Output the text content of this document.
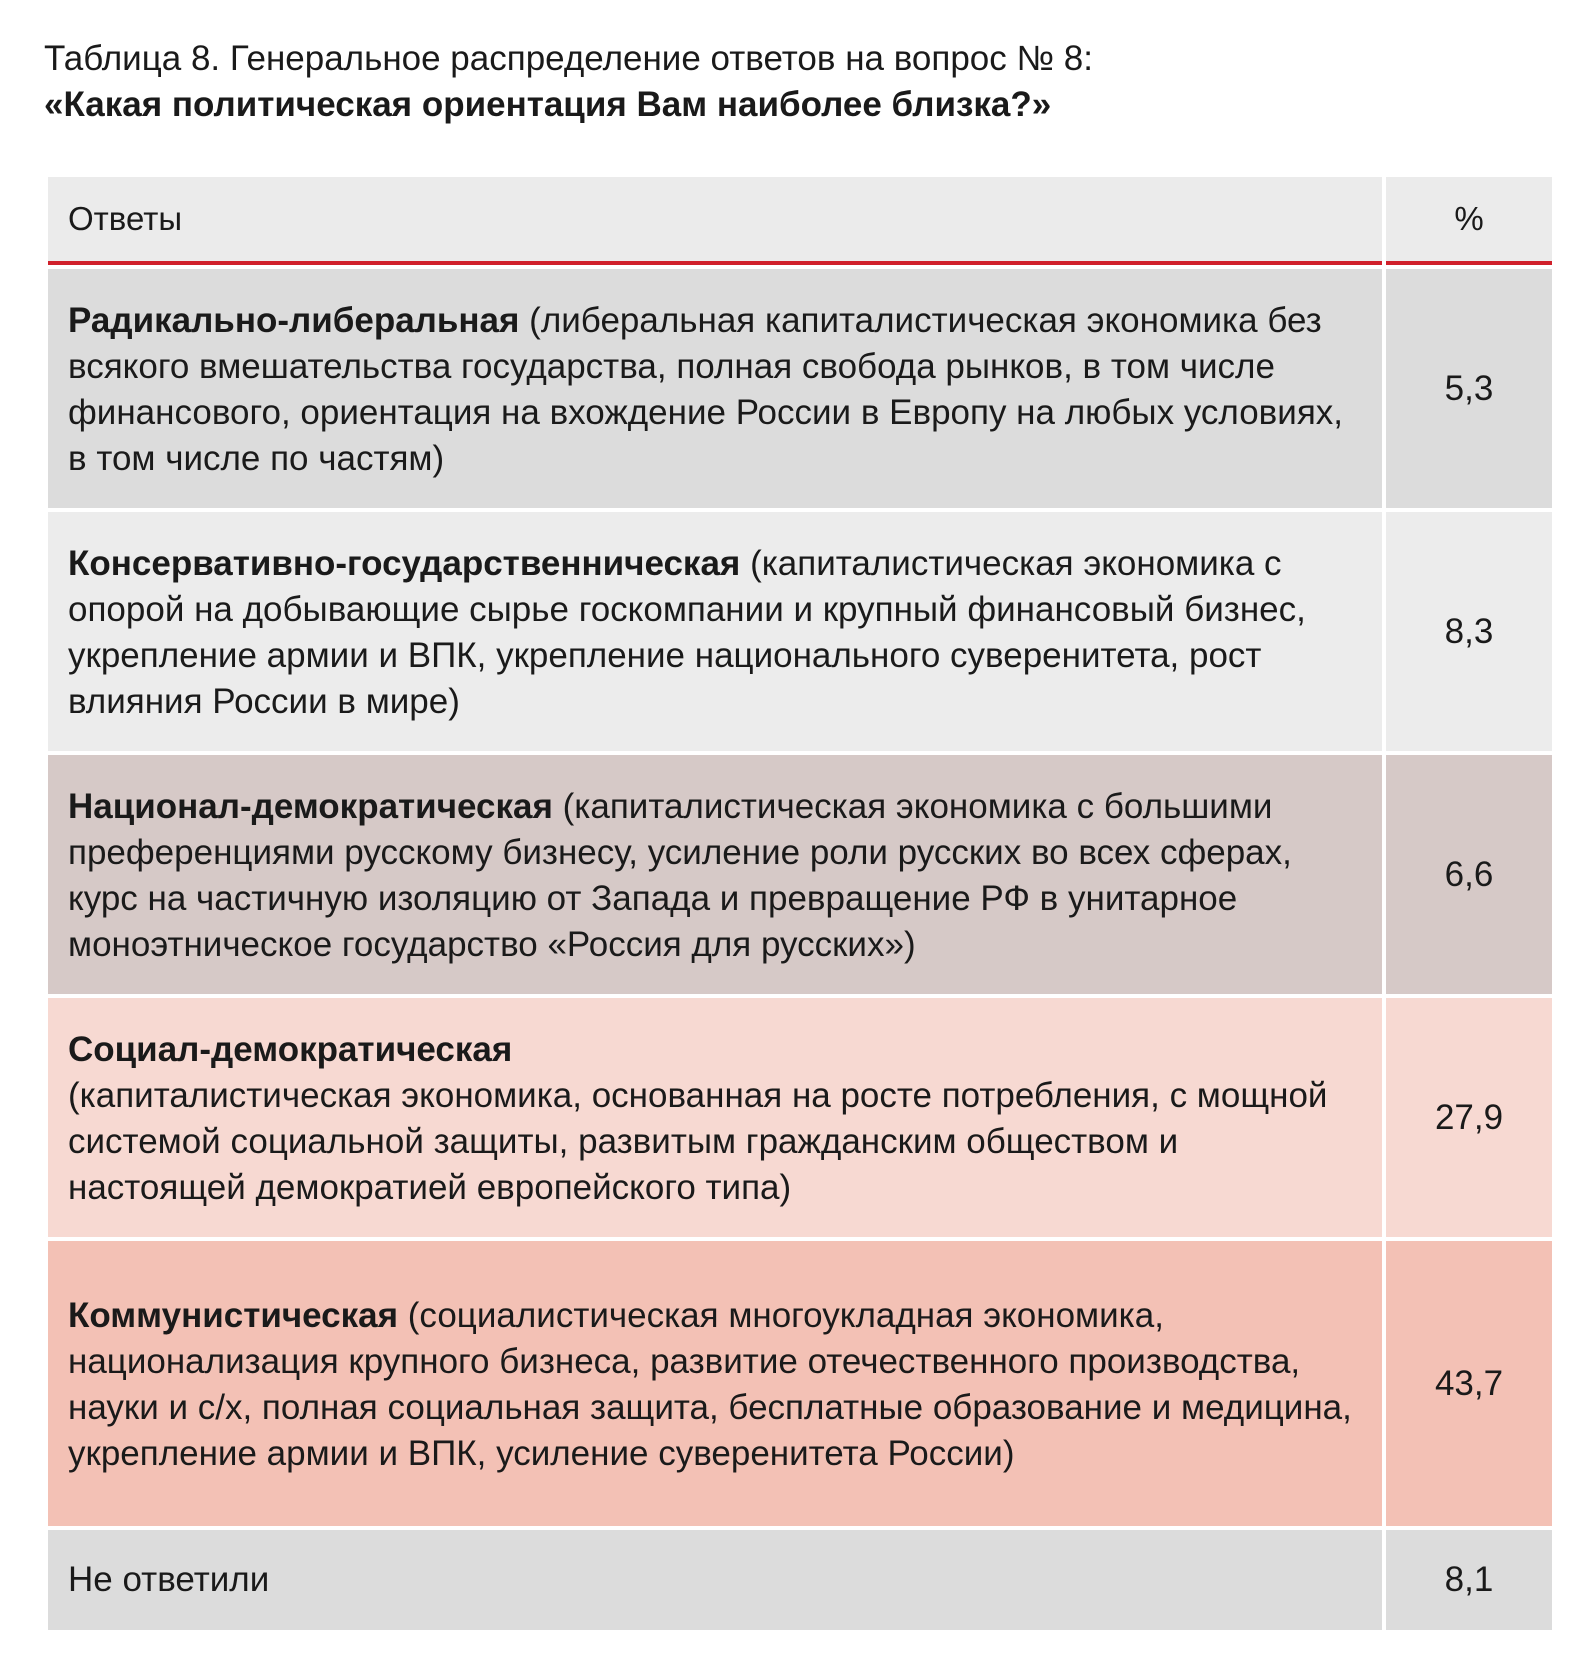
Таблица 8. Генеральное распределение ответов на вопрос № 8:
«Какая политическая ориентация Вам наиболее близка?»
Ответы	%
Радикально-либеральная (либеральная капиталистическая экономика без всякого вмешательства государства, полная свобода рынков, в том числе финансового, ориентация на вхождение России в Европу на любых условиях, в том числе по частям)
5,3
Консервативно-государственническая (капиталистическая экономика с опорой на добывающие сырье госкомпании и крупный финансовый бизнес, укрепление армии и ВПК, укрепление национального суверенитета, рост влияния России в мире)
8,3
Национал-демократическая (капиталистическая экономика с большими преференциями русскому бизнесу, усиление роли русских во всех сферах, курс на частичную изоляцию от Запада и превращение РФ в унитарное моноэтническое государство «Россия для русских»)
6,6
Социал-демократическая
(капиталистическая экономика, основанная на росте потребления, с мощной системой социальной защиты, развитым гражданским обществом и настоящей демократией европейского типа)
27,9
Коммунистическая (социалистическая многоукладная экономика, национализация крупного бизнеса, развитие отечественного производства, науки и с/х, полная социальная защита, бесплатные образование и медицина, укрепление армии и ВПК, усиление суверенитета России)
43,7
Не ответили	8,1
